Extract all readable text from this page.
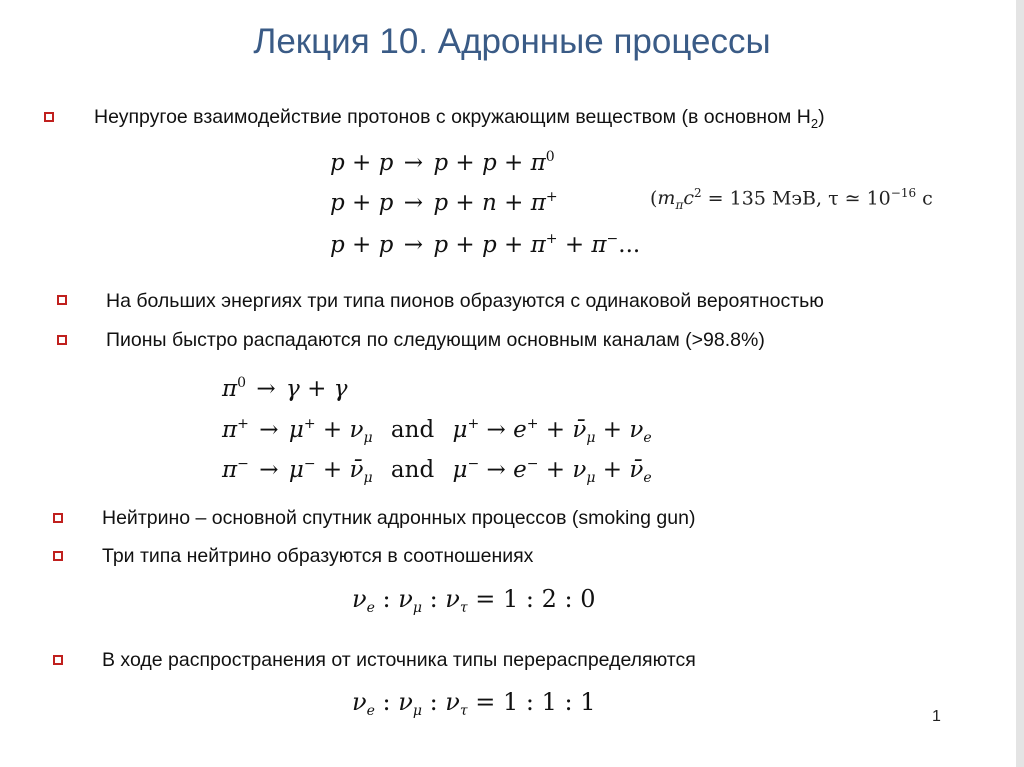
Лекция 10. Адронные процессы
Неупругое взаимодействие протонов с окружающим веществом (в основном $H_2$)
$p + p \to p + p + \pi^0$
p + p → p + n + π+
p + p → p + p + π+ + π−...
($m_\pi c^2 = 135$ МэВ, τ ≃ $10^{-16}$ с
На больших энергиях три типа пионов образуются с одинаковой вероятностью
Пионы быстро распадаются по следующим основным каналам (>98.8%)
$\pi^0 \to \gamma + \gamma$
$\pi^+ \to \mu^+ + \nu_\mu$ and $\mu^+ \to e^+ + \nū_\mu + \nu_e$
$\pi^- \to \mu^- + \nū_\mu$ and $\mu^- \to e^- + \nu_\mu$ + $\nū_e$
Нейтрино – основной спутник адронных процессов (smoking gun)
Три типа нейтрино образуются в соотношениях
$\nu_e$ : $\nu_\mu$ : $\nu_\tau = 1$ : 2 : 0
В ходе распространения от источника типы перераспределяются
$\nu_e$ : $\nu_\mu$ : $\nu_\tau = 1$ : 1 : 1
1
